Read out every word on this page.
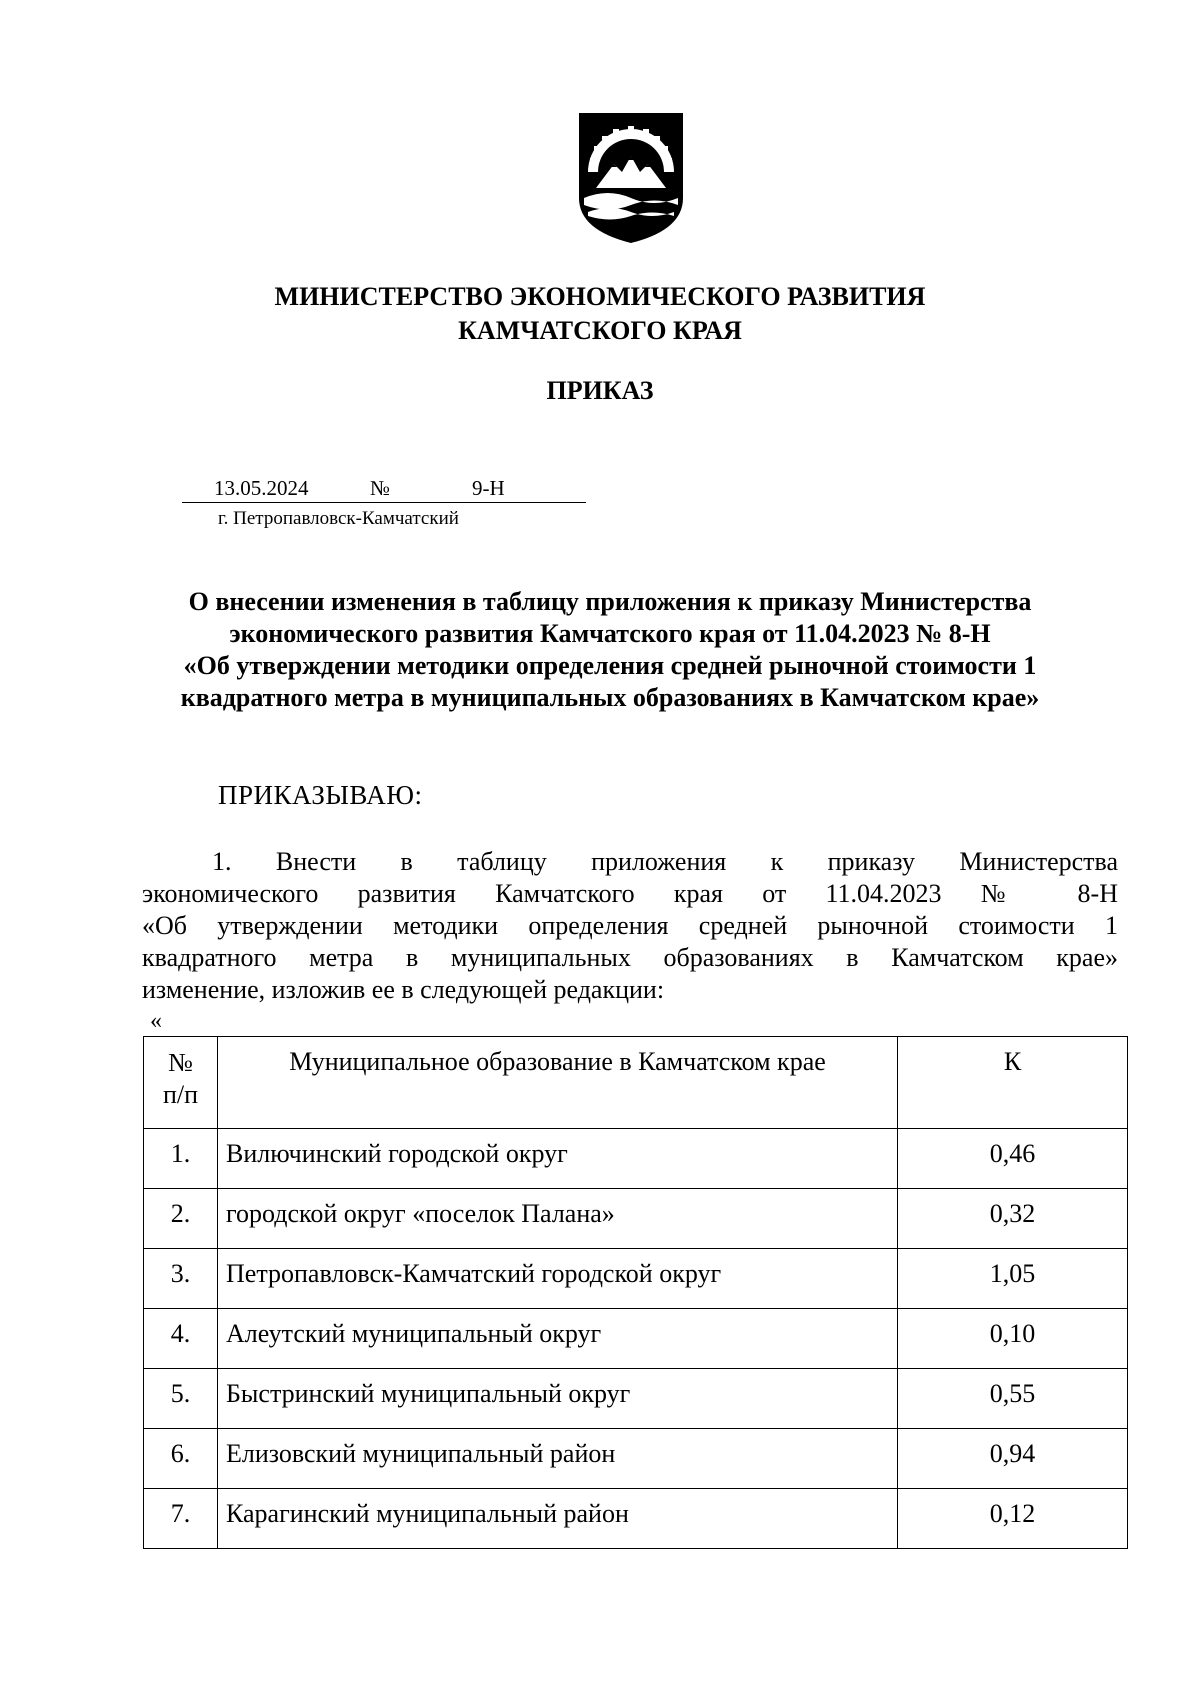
МИНИСТЕРСТВО ЭКОНОМИЧЕСКОГО РАЗВИТИЯ
КАМЧАТСКОГО КРАЯ
ПРИКАЗ
13.05.2024	№	9-Н
г. Петропавловск-Камчатский
О внесении изменения в таблицу приложения к приказу Министерства
экономического развития Камчатского края от 11.04.2023 № 8-Н
«Об утверждении методики определения средней рыночной стоимости 1
квадратного метра в муниципальных образованиях в Камчатском крае»
ПРИКАЗЫВАЮ:
1. Внести в таблицу приложения к приказу Министерства
экономического развития Камчатского края от 11.04.2023 № 8-Н
«Об утверждении методики определения средней рыночной стоимости 1
квадратного метра в муниципальных образованиях в Камчатском крае»
изменение, изложив ее в следующей редакции:
«
№
п/п	Муниципальное образование в Камчатском крае	К
1.	Вилючинский городской округ	0,46
2.	городской округ «поселок Палана»	0,32
3.	Петропавловск-Камчатский городской округ	1,05
4.	Алеутский муниципальный округ	0,10
5.	Быстринский муниципальный округ	0,55
6.	Елизовский муниципальный район	0,94
7.	Карагинский муниципальный район	0,12
